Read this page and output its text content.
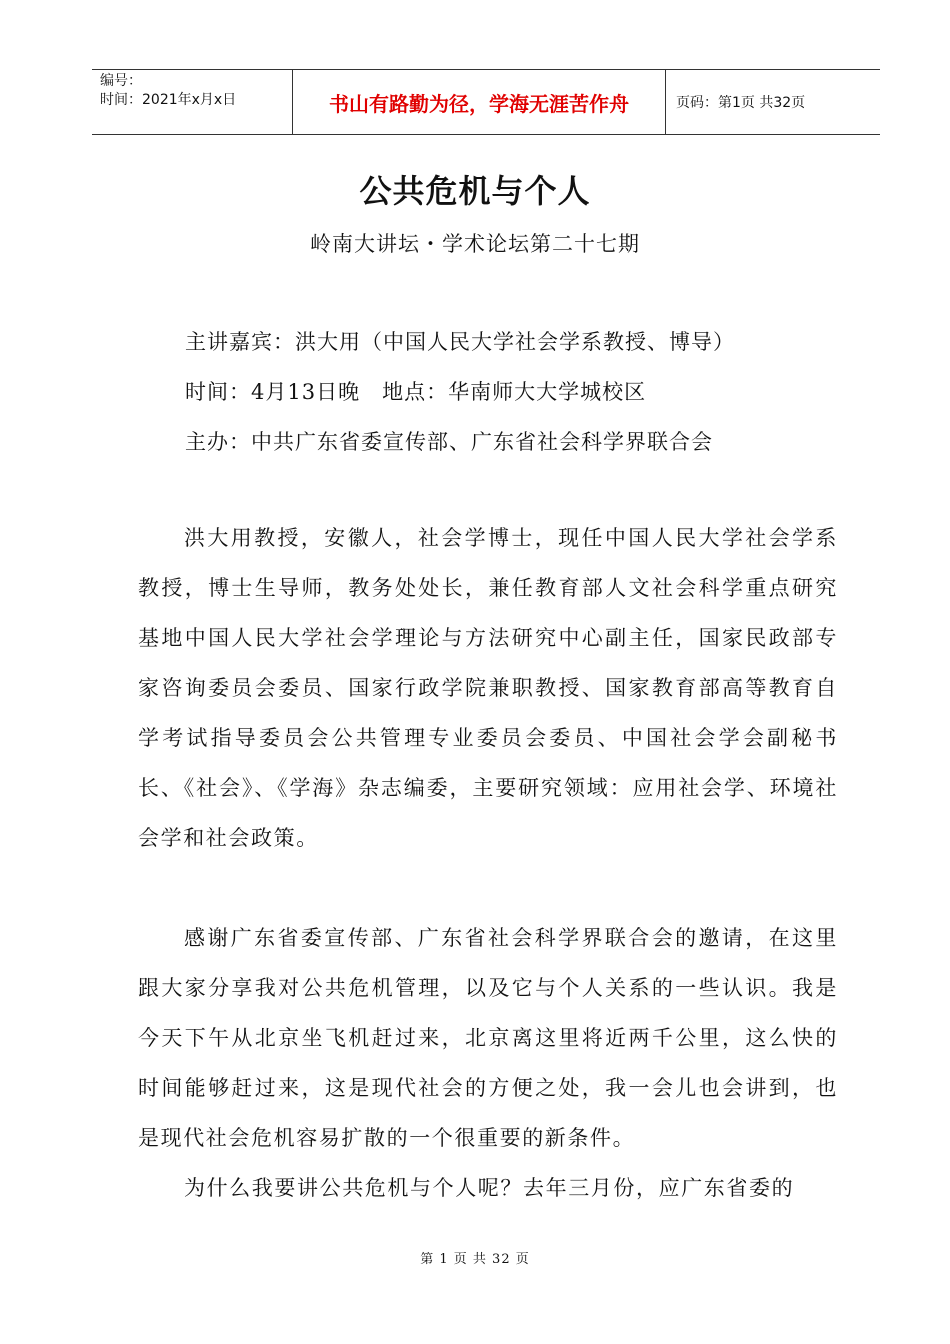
编号：
时间：2021年x月x日	书山有路勤为径，学海无涯苦作舟	页码：第1页 共32页
公共危机与个人
岭南大讲坛・学术论坛第二十七期
主讲嘉宾：洪大用（中国人民大学社会学系教授、博导）
时间：4月13日晚　地点：华南师大大学城校区
主办：中共广东省委宣传部、广东省社会科学界联合会

洪大用教授，安徽人，社会学博士，现任中国人民大学社会学系教授，博士生导师，教务处处长，兼任教育部人文社会科学重点研究基地中国人民大学社会学理论与方法研究中心副主任，国家民政部专家咨询委员会委员、国家行政学院兼职教授、国家教育部高等教育自学考试指导委员会公共管理专业委员会委员、中国社会学会副秘书长、《社会》、《学海》杂志编委，主要研究领域：应用社会学、环境社会学和社会政策。

感谢广东省委宣传部、广东省社会科学界联合会的邀请，在这里跟大家分享我对公共危机管理，以及它与个人关系的一些认识。我是今天下午从北京坐飞机赶过来，北京离这里将近两千公里，这么快的时间能够赶过来，这是现代社会的方便之处，我一会儿也会讲到，也是现代社会危机容易扩散的一个很重要的新条件。

为什么我要讲公共危机与个人呢？去年三月份，应广东省委的

第 1 页 共 32 页
